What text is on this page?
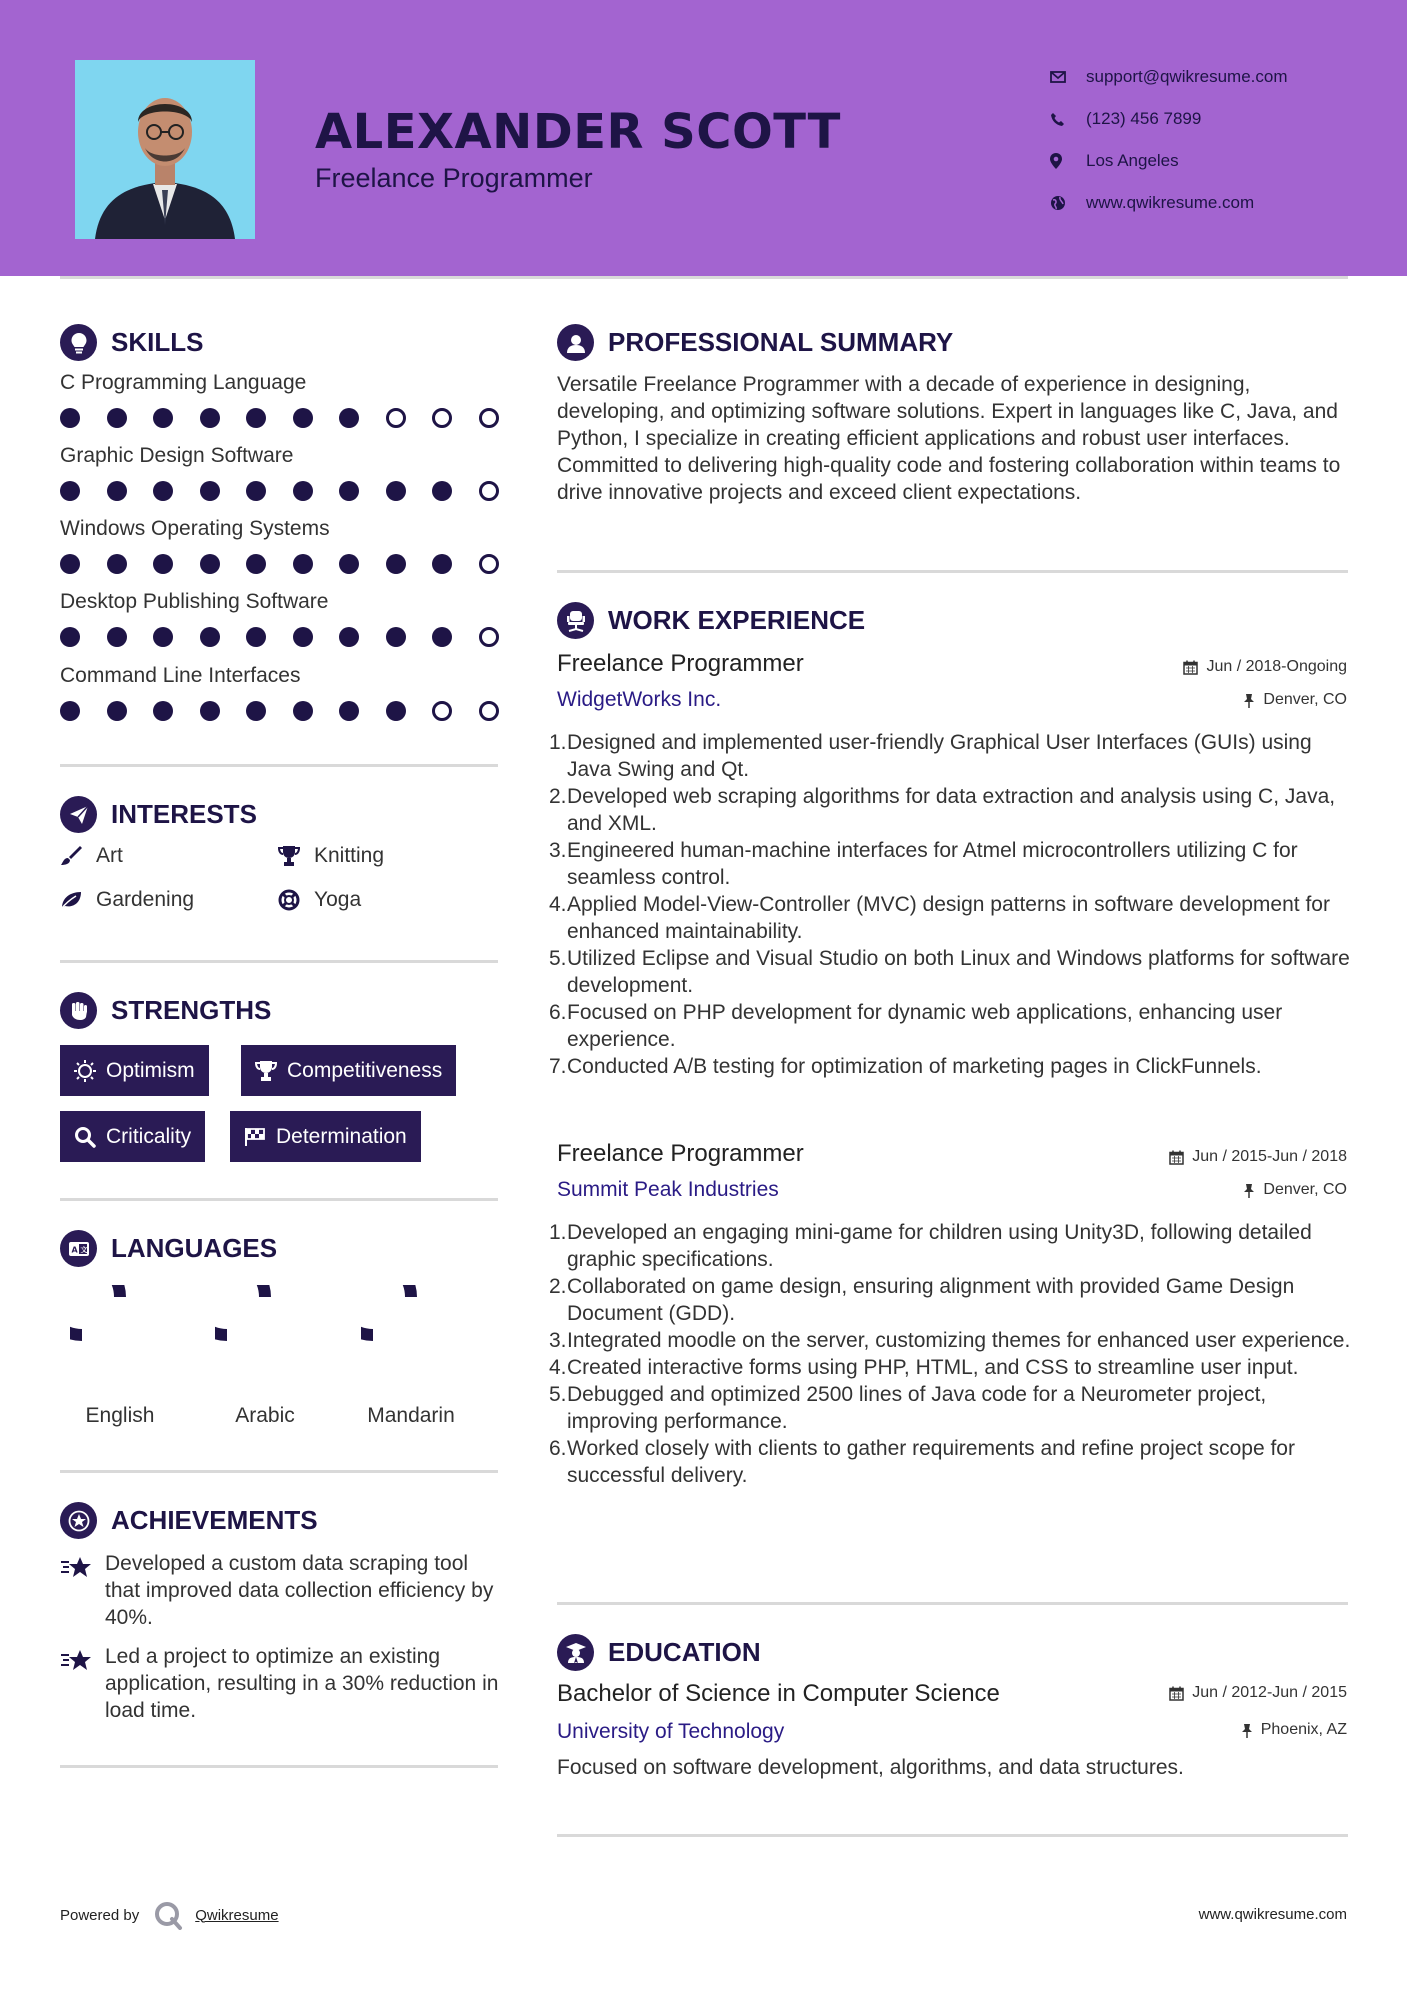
ALEXANDER SCOTT
Freelance Programmer
support@qwikresume.com
(123) 456 7899
Los Angeles
www.qwikresume.com
SKILLS
C Programming Language
Graphic Design Software
Windows Operating Systems
Desktop Publishing Software
Command Line Interfaces
INTERESTS
Art	Knitting
Gardening	Yoga
STRENGTHS
Optimism	Competitiveness
Criticality	Determination
A 文 LANGUAGES
English	Arabic	Mandarin
ACHIEVEMENTS
Developed a custom data scraping tool that improved data collection efficiency by 40%.
Led a project to optimize an existing application, resulting in a 30% reduction in load time.
PROFESSIONAL SUMMARY
Versatile Freelance Programmer with a decade of experience in designing, developing, and optimizing software solutions. Expert in languages like C, Java, and Python, I specialize in creating efficient applications and robust user interfaces. Committed to delivering high-quality code and fostering collaboration within teams to drive innovative projects and exceed client expectations.
WORK EXPERIENCE
Freelance Programmer	Jun / 2018-Ongoing
WidgetWorks Inc.	Denver, CO
1. Designed and implemented user-friendly Graphical User Interfaces (GUIs) using Java Swing and Qt.
2. Developed web scraping algorithms for data extraction and analysis using C, Java, and XML.
3. Engineered human-machine interfaces for Atmel microcontrollers utilizing C for seamless control.
4. Applied Model-View-Controller (MVC) design patterns in software development for enhanced maintainability.
5. Utilized Eclipse and Visual Studio on both Linux and Windows platforms for software development.
6. Focused on PHP development for dynamic web applications, enhancing user experience.
7. Conducted A/B testing for optimization of marketing pages in ClickFunnels.
Freelance Programmer	Jun / 2015-Jun / 2018
Summit Peak Industries	Denver, CO
1. Developed an engaging mini-game for children using Unity3D, following detailed graphic specifications.
2. Collaborated on game design, ensuring alignment with provided Game Design Document (GDD).
3. Integrated moodle on the server, customizing themes for enhanced user experience.
4. Created interactive forms using PHP, HTML, and CSS to streamline user input.
5. Debugged and optimized 2500 lines of Java code for a Neurometer project, improving performance.
6. Worked closely with clients to gather requirements and refine project scope for successful delivery.
EDUCATION
Bachelor of Science in Computer Science	Jun / 2012-Jun / 2015
University of Technology	Phoenix, AZ
Focused on software development, algorithms, and data structures.
Powered by	Qwikresume	www.qwikresume.com
